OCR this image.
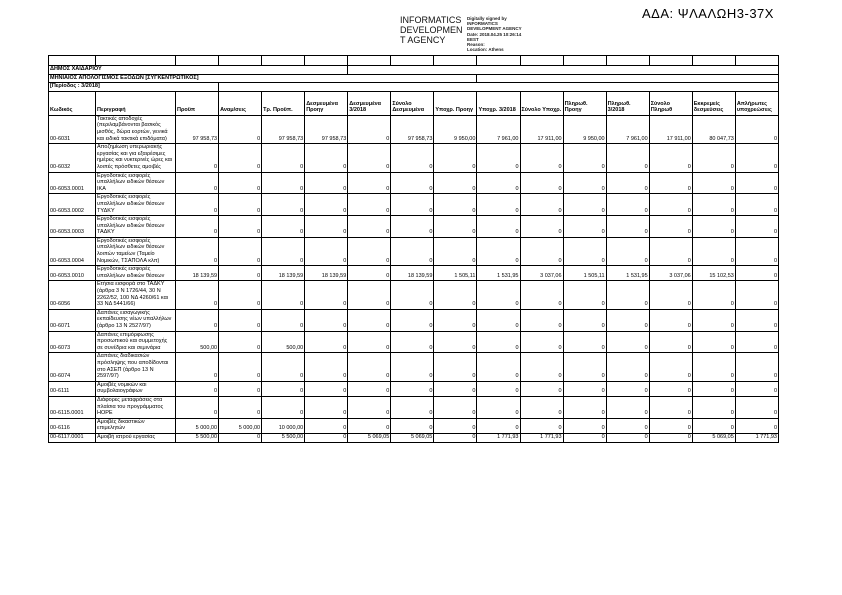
ΑΔΑ: ΨΛΑΛΩΗ3-37Χ
INFORMATICS
DEVELOPMEN
T AGENCY
Digitally signed by
INFORMATICS
DEVELOPMENT AGENCY
Date: 2018.04.25 10:26:14
EEST
Reason:
Location: Athens

ΔΗΜΟΣ ΧΑΪΔΑΡΙΟΥ															
ΜΗΝΙΑΙΟΣ ΑΠΟΛΟΓΙΣΜΟΣ ΕΞΟΔΩΝ [ΣΥΓΚΕΝΤΡΩΤΙΚΟΣ]															
[Περίοδος : 3/2018]															
Κωδικός	Περιγραφή	Προϋπ	Αναμ/σεις	Τρ. Προϋπ.	Δεσμευμένα Προηγ	Δεσμευμένα 3/2018	Σύνολο Δεσμευμένα	Υποχρ. Προηγ	Υποχρ. 3/2018	Σύνολο Υποχρ.	Πληρωθ. Προηγ	Πληρωθ. 3/2018	Σύνολο Πληρωθ	Εκκρεμείς δεσμεύσεις	Απλήρωτες υποχρεώσεις
00-6031	Τακτικές αποδοχές (περιλαμβάνονται βασικός μισθός, δώρα εορτών, γενικά και ειδικά τακτικά επιδόματα)	97 958,73	0	97 958,73	97 958,73	0	97 958,73	9 950,00	7 961,00	17 911,00	9 950,00	7 961,00	17 911,00	80 047,73	0
00-6032	Αποζημίωση υπερωριακής εργασίας και για εξαιρέσιμες ημέρες και νυκτερινές ώρες και λοιπές πρόσθετες αμοιβές	0	0	0	0	0	0	0	0	0	0	0	0	0	0
00-6053.0001	Εργοδοτικές εισφορές υπαλλήλων ειδικών θέσεων ΙΚΑ	0	0	0	0	0	0	0	0	0	0	0	0	0	0
00-6053.0002	Εργοδοτικές εισφορές υπαλλήλων ειδικών θέσεων ΤΥΔΚΥ	0	0	0	0	0	0	0	0	0	0	0	0	0	0
00-6053.0003	Εργοδοτικές εισφορές υπαλλήλων ειδικών θέσεων ΤΑΔΚΥ	0	0	0	0	0	0	0	0	0	0	0	0	0	0
00-6053.0004	Εργοδοτικές εισφορές υπαλλήλων ειδικών θέσεων λοιπών ταμείων (Ταμείο Νομικών, ΤΣΑΠΟΛΑ κλπ)	0	0	0	0	0	0	0	0	0	0	0	0	0	0
00-6053.0010	Εργοδοτικές εισφορές υπαλλήλων ειδικών θέσεων	18 139,59	0	18 139,59	18 139,59	0	18 139,59	1 505,11	1 531,95	3 037,06	1 505,11	1 531,95	3 037,06	15 102,53	0
00-6056	Ετήσια εισφορά στο ΤΑΔΚΥ (άρθρα 3 Ν 1726/44, 30 Ν 2262/52, 100 ΝΔ 4260/61 και 33 ΝΔ 5441/66)	0	0	0	0	0	0	0	0	0	0	0	0	0	0
00-6071	Δαπάνες εισαγωγικής εκπαίδευσης νέων υπαλλήλων (άρθρο 13 Ν 2527/97)	0	0	0	0	0	0	0	0	0	0	0	0	0	0
00-6073	Δαπάνες επιμόρφωσης προσωπικού και συμμετοχής σε συνέδρια και σεμινάρια	500,00	0	500,00	0	0	0	0	0	0	0	0	0	0	0
00-6074	Δαπάνες διαδικασιών πρόσληψης που αποδίδονται στο ΑΣΕΠ (άρθρο 13 Ν 2597/97)	0	0	0	0	0	0	0	0	0	0	0	0	0	0
00-6111	Αμοιβές νομικών και συμβολαιογράφων	0	0	0	0	0	0	0	0	0	0	0	0	0	0
00-6115.0001	Διάφορες μεταφράσεις στα πλαίσια του προγράμματος HOPE	0	0	0	0	0	0	0	0	0	0	0	0	0	0
00-6116	Αμοιβές δικαστικών επιμελητών	5 000,00	5 000,00	10 000,00	0	0	0	0	0	0	0	0	0	0	0
00-6117.0001	Αμοιβή ιατρού εργασίας	5 500,00	0	5 500,00	0	5 069,05	5 069,05	0	1 771,93	1 771,93	0	0	0	5 069,05	1 771,93
